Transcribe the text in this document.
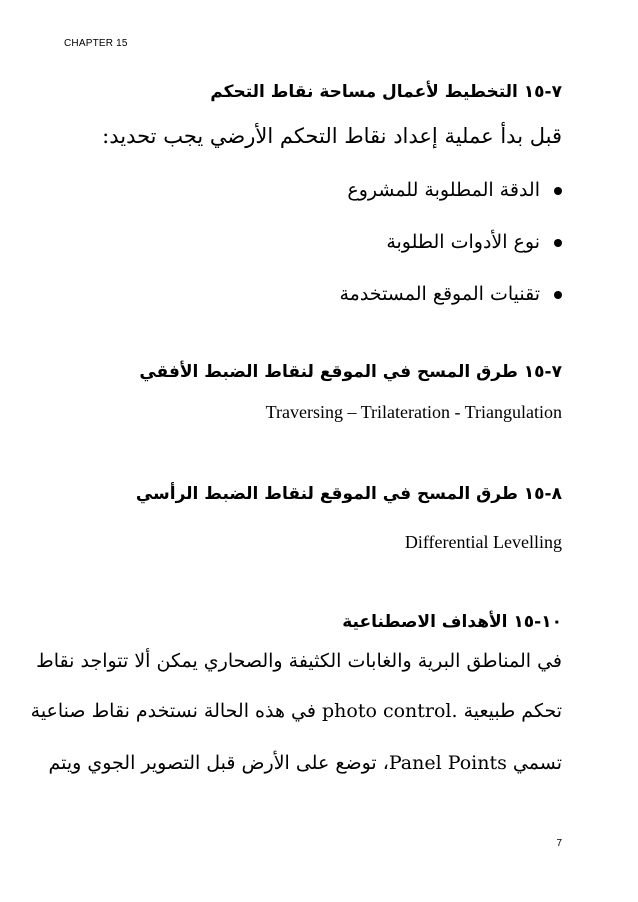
CHAPTER 15
٧-١٥ التخطيط لأعمال مساحة نقاط التحكم
قبل بدأ عملية إعداد نقاط التحكم الأرضي يجب تحديد:
الدقة المطلوبة للمشروع
نوع الأدوات الطلوبة
تقنيات الموقع المستخدمة
٧-١٥ طرق المسح في الموقع لنقاط الضبط الأفقي
Traversing – Trilateration - Triangulation
٨-١٥ طرق المسح في الموقع لنقاط الضبط الرأسي
Differential Levelling
١٠-١٥ الأهداف الاصطناعية
في المناطق البرية والغابات الكثيفة والصحاري يمكن ألا تتواجد نقاط
تحكم طبيعية .photo control في هذه الحالة نستخدم نقاط صناعية
تسمي Panel Points، توضع على الأرض قبل التصوير الجوي ويتم
7
